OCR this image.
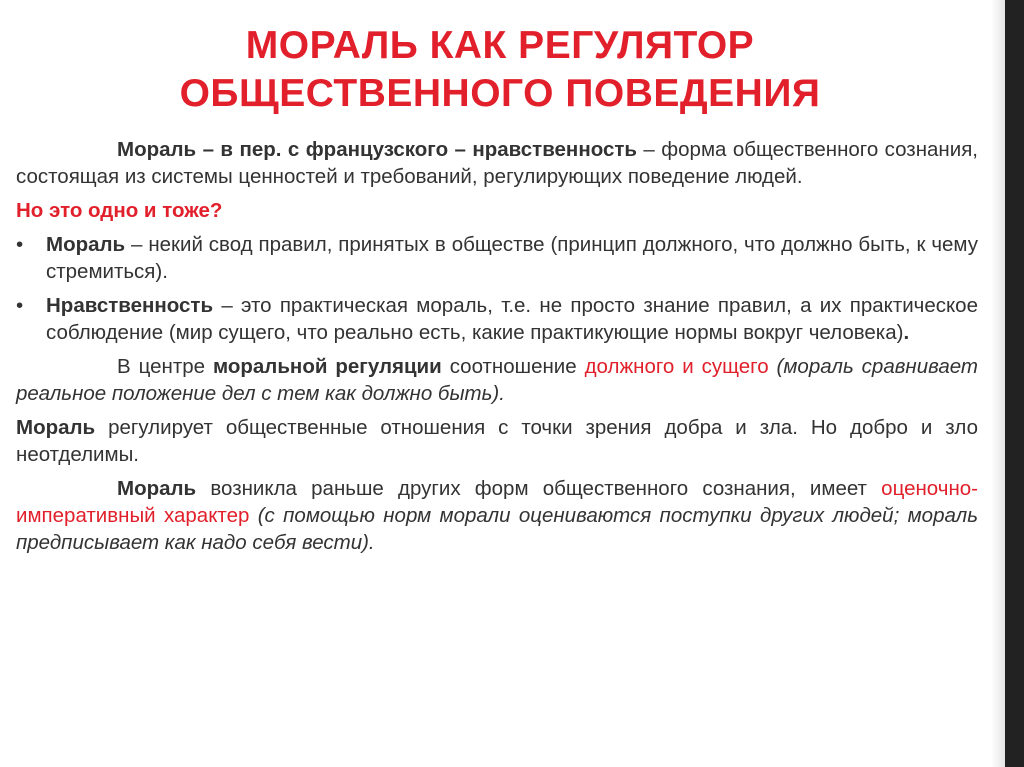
МОРАЛЬ КАК РЕГУЛЯТОР
ОБЩЕСТВЕННОГО ПОВЕДЕНИЯ

Мораль – в пер. с французского – нравственность – форма общественного сознания, состоящая из системы ценностей и требований, регулирующих поведение людей.

Но это одно и тоже?

•	Мораль – некий свод правил, принятых в обществе (принцип должного, что должно быть, к чему стремиться).

•	Нравственность – это практическая мораль, т.е. не просто знание правил, а их практическое соблюдение (мир сущего, что реально есть, какие практикующие нормы вокруг человека).

В центре моральной регуляции соотношение должного и сущего (мораль сравнивает реальное положение дел с тем как должно быть).

Мораль регулирует общественные отношения с точки зрения добра и зла. Но добро и зло неотделимы.

Мораль возникла раньше других форм общественного сознания, имеет оценочно-императивный характер (с помощью норм морали оцениваются поступки других людей; мораль предписывает как надо себя вести).
